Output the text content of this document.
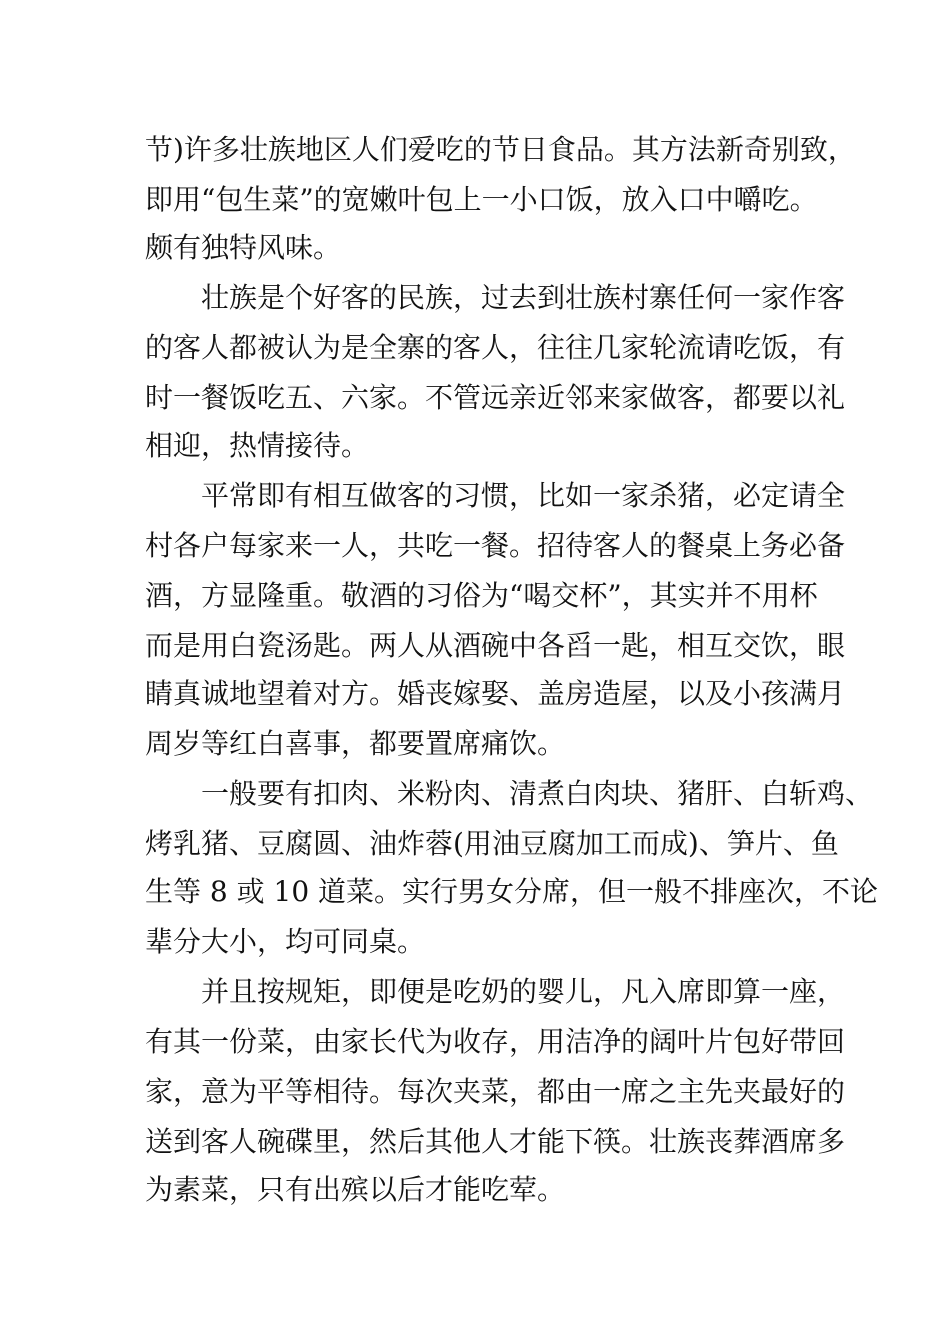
节)许多壮族地区人们爱吃的节日食品。其方法新奇别致，
即用“包生菜”的宽嫩叶包上一小口饭，放入口中嚼吃。
颇有独特风味。
　　壮族是个好客的民族，过去到壮族村寨任何一家作客
的客人都被认为是全寨的客人，往往几家轮流请吃饭，有
时一餐饭吃五、六家。不管远亲近邻来家做客，都要以礼
相迎，热情接待。
　　平常即有相互做客的习惯，比如一家杀猪，必定请全
村各户每家来一人，共吃一餐。招待客人的餐桌上务必备
酒，方显隆重。敬酒的习俗为“喝交杯”，其实并不用杯
而是用白瓷汤匙。两人从酒碗中各舀一匙，相互交饮，眼
睛真诚地望着对方。婚丧嫁娶、盖房造屋，以及小孩满月
周岁等红白喜事，都要置席痛饮。
　　一般要有扣肉、米粉肉、清煮白肉块、猪肝、白斩鸡、
烤乳猪、豆腐圆、油炸蓉(用油豆腐加工而成)、笋片、鱼
生等 8 或 10 道菜。实行男女分席，但一般不排座次，不论
辈分大小，均可同桌。
　　并且按规矩，即便是吃奶的婴儿，凡入席即算一座，
有其一份菜，由家长代为收存，用洁净的阔叶片包好带回
家，意为平等相待。每次夹菜，都由一席之主先夹最好的
送到客人碗碟里，然后其他人才能下筷。壮族丧葬酒席多
为素菜，只有出殡以后才能吃荤。
